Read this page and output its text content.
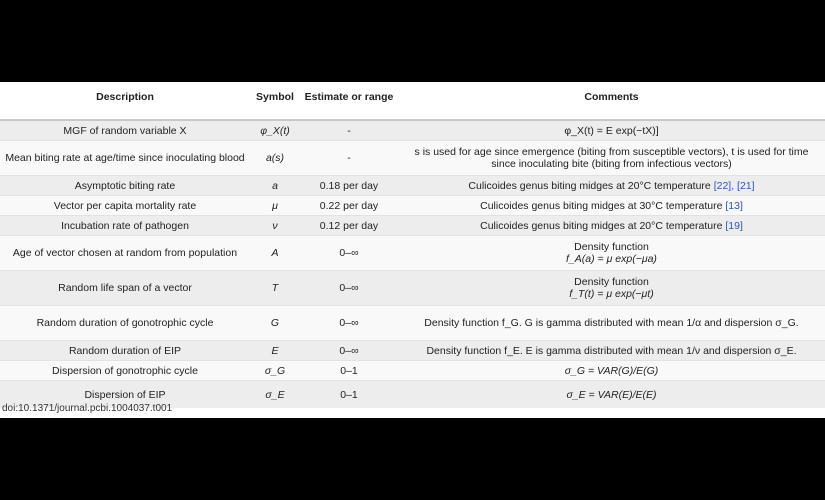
Description	Symbol	Estimate or range	Comments
MGF of random variable X	φ_X(t)	-	φ_X(t) = E exp(−tX)]
Mean biting rate at age/time since inoculating blood	a(s)	-	s is used for age since emergence (biting from susceptible vectors), t is used for time since inoculating bite (biting from infectious vectors)
Asymptotic biting rate	a	0.18 per day	Culicoides genus biting midges at 20°C temperature [22], [21]
Vector per capita mortality rate	μ	0.22 per day	Culicoides genus biting midges at 30°C temperature [13]
Incubation rate of pathogen	ν	0.12 per day	Culicoides genus biting midges at 20°C temperature [19]
Age of vector chosen at random from population	A	0–∞	Density function
f_A(a) = μ exp(−μa)

Random life span of a vector	T	0–∞	Density function
f_T(t) = μ exp(−μt)

Random duration of gonotrophic cycle	G	0–∞	Density function f_G. G is gamma distributed with mean 1/α and dispersion σ_G.
Random duration of EIP	E	0–∞	Density function f_E. E is gamma distributed with mean 1/ν and dispersion σ_E.
Dispersion of gonotrophic cycle	σ_G	0–1	σ_G = VAR(G)/E(G)
Dispersion of EIP	σ_E	0–1	σ_E = VAR(E)/E(E)
doi:10.1371/journal.pcbi.1004037.t001
